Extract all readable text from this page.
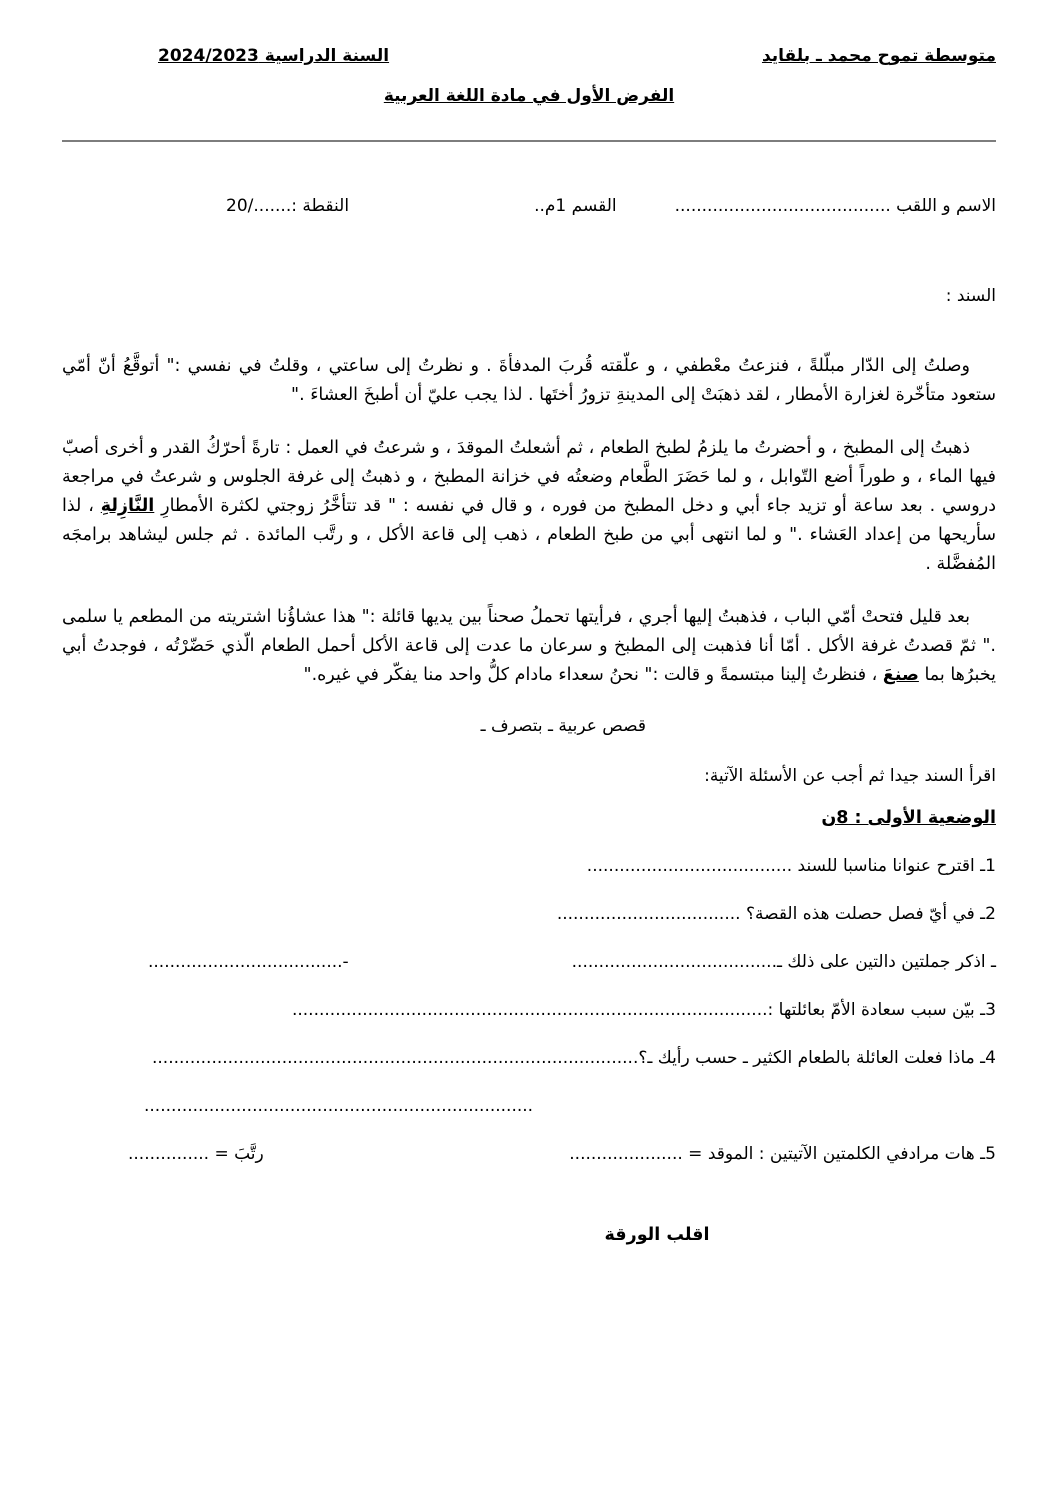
متوسطة تموح محمد ـ بلقايد
السنة الدراسية 2024/2023
الفرض الأول في مادة اللغة العربية
الاسم و اللقب ........................................
القسم 1م..
النقطة :......./20
السند :

وصلتُ إلى الدّار مبلّلةً ، فنزعتُ معْطفي ، و علّقته قُربَ المدفأةَ . و نظرتُ إلى ساعتي ، وقلتُ في نفسي :" أتوقَّعُ أنّ أمّي ستعود متأخّرة لغزارة الأمطار ، لقد ذهبَتْ إلى المدينةِ تزورُ أختَها . لذا يجب عليّ أن أطبخَ العشاءَ ."

ذهبتُ إلى المطبخ ، و أحضرتُ ما يلزمُ لطبخ الطعام ، ثم أشعلتُ الموقدَ ، و شرعتُ في العمل : تارةً أحرّكُ القدر و أخرى أصبّ فيها الماء ، و طوراً أضع التّوابل ، و لما حَضَرَ الطَّعام وضعتُه في خزانة المطبخ ، و ذهبتُ إلى غرفة الجلوس و شرعتُ في مراجعة دروسي . بعد ساعة أو تزيد جاء أبي و دخل المطبخ من فوره ، و قال في نفسه : " قد تتأخَّرُ زوجتي لكثرة الأمطارِ النَّازِلةِ ، لذا سأريحها من إعداد العَشاء ." و لما انتهى أبي من طبخ الطعام ، ذهب إلى قاعة الأكل ، و رتَّب المائدة . ثم جلس ليشاهد برامجَه المُفضَّلة .

بعد قليل فتحتْ أمّي الباب ، فذهبتُ إليها أجري ، فرأيتها تحملُ صحناً بين يديها قائلة :" هذا عشاؤُنا اشتريته من المطعم يا سلمى ." ثمّ قصدتُ غرفة الأكل . أمّا أنا فذهبت إلى المطبخ و سرعان ما عدت إلى قاعة الأكل أحمل الطعام الّذي حَضّرْتُه ، فوجدتُ أبي يخبرُها بما صنعَ ، فنظرتُ إلينا مبتسمةً و قالت :" نحنُ سعداء مادام كلُّ واحد منا يفكّر في غيره."

قصص عربية ـ بتصرف ـ
اقرأ السند جيدا ثم أجب عن الأسئلة الآتية:
الوضعية الأولى : 8ن
1ـ اقترح عنوانا مناسبا للسند ......................................
2ـ في أيّ فصل حصلت هذه القصة؟ ..................................
ـ اذكر جملتين دالتين على ذلك ـ......................................
-....................................
3ـ بيّن سبب سعادة الأمّ بعائلتها :........................................................................................
4ـ ماذا فعلت العائلة بالطعام الكثير ـ حسب رأيك ـ؟..........................................................................................
........................................................................
5ـ هات مرادفي الكلمتين الآتيتين : الموقد = .....................
رتَّبَ = ...............
اقلب الورقة
